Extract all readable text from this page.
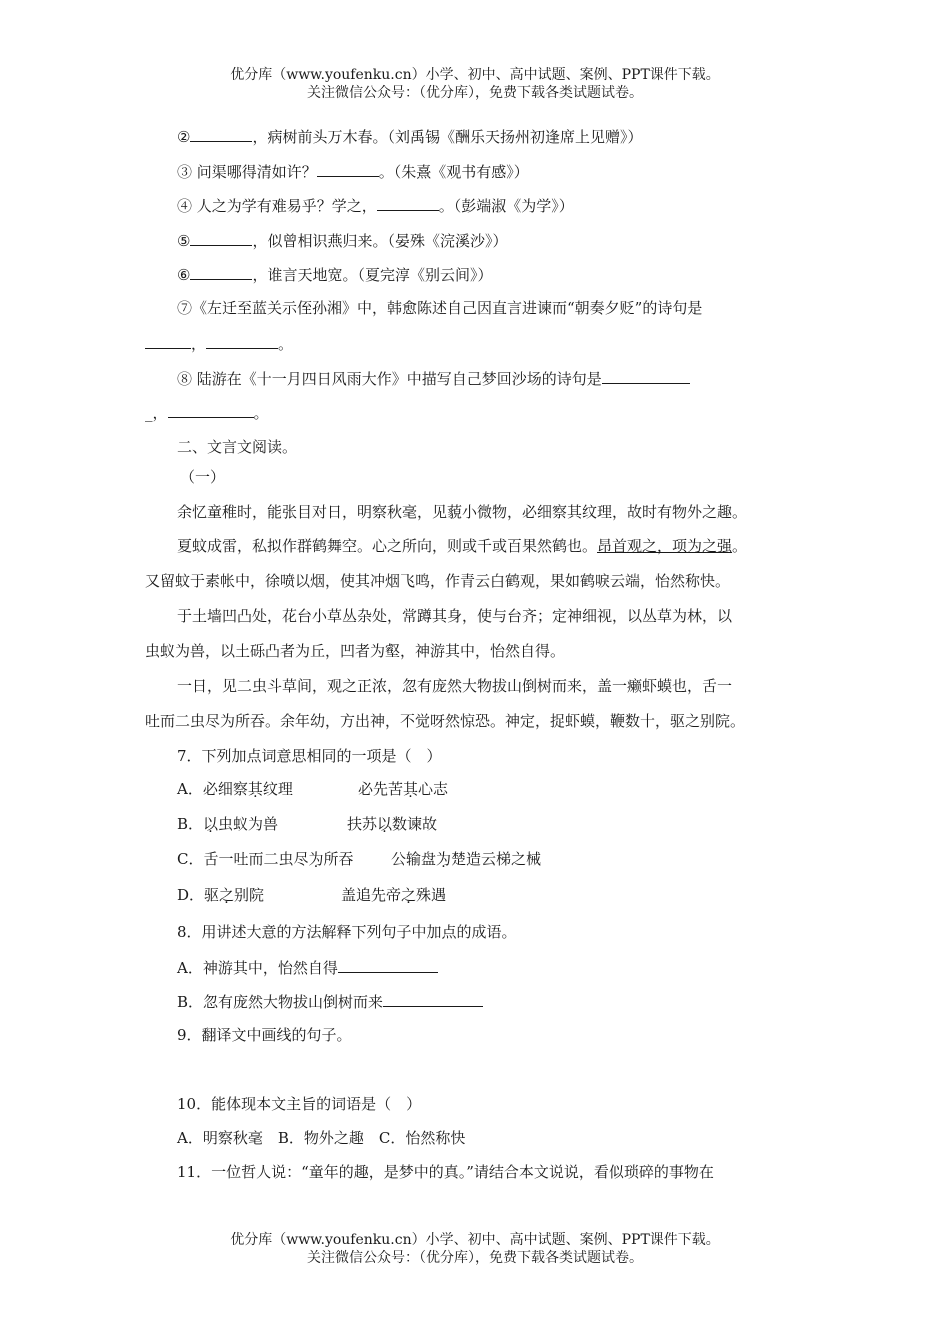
优分库（www.youfenku.cn）小学、初中、高中试题、案例、PPT课件下载。
关注微信公众号：（优分库），免费下载各类试题试卷。
②	，病树前头万木春。（刘禹锡《酬乐天扬州初逢席上见赠》）
③ 问渠哪得清如许？	。（朱熹《观书有感》）
④ 人之为学有难易乎？学之，	。（彭端淑《为学》）
⑤	，似曾相识燕归来。（晏殊《浣溪沙》）
⑥	，谁言天地宽。（夏完淳《别云间》）
⑦《左迁至蓝关示侄孙湘》中，韩愈陈述自己因直言进谏而“朝奏夕贬”的诗句是
，	。
⑧ 陆游在《十一月四日风雨大作》中描写自己梦回沙场的诗句是
_，	。
二、文言文阅读。
（一）
余忆童稚时，能张目对日，明察秋毫，见藐小微物，必细察其纹理，故时有物外之趣。
夏蚊成雷，私拟作群鹤舞空。心之所向，则或千或百果然鹤也。昂首观之，项为之强。
又留蚊于素帐中，徐喷以烟，使其冲烟飞鸣，作青云白鹤观，果如鹤唳云端，怡然称快。
于土墙凹凸处，花台小草丛杂处，常蹲其身，使与台齐；定神细视，以丛草为林，以
虫蚁为兽，以土砾凸者为丘，凹者为壑，神游其中，怡然自得。
一日，见二虫斗草间，观之正浓，忽有庞然大物拔山倒树而来，盖一癞虾蟆也，舌一
吐而二虫尽为所吞。余年幼，方出神，不觉呀然惊恐。神定，捉虾蟆，鞭数十，驱之别院。
7．下列加点词意思相同的一项是（　）
A．必细察其纹理	必先苦其心志
B．以虫蚁为兽	扶苏以数谏故
C．舌一吐而二虫尽为所吞 公输盘为楚造云梯之械
D．驱之别院	盖追先帝之殊遇
8．用讲述大意的方法解释下列句子中加点的成语。
A．神游其中，怡然自得
B．忽有庞然大物拔山倒树而来
9．翻译文中画线的句子。
10．能体现本文主旨的词语是（　）
A．明察秋毫　B．物外之趣　C．怡然称快
11．一位哲人说：“童年的趣，是梦中的真。”请结合本文说说，看似琐碎的事物在
优分库（www.youfenku.cn）小学、初中、高中试题、案例、PPT课件下载。
关注微信公众号：（优分库），免费下载各类试题试卷。
